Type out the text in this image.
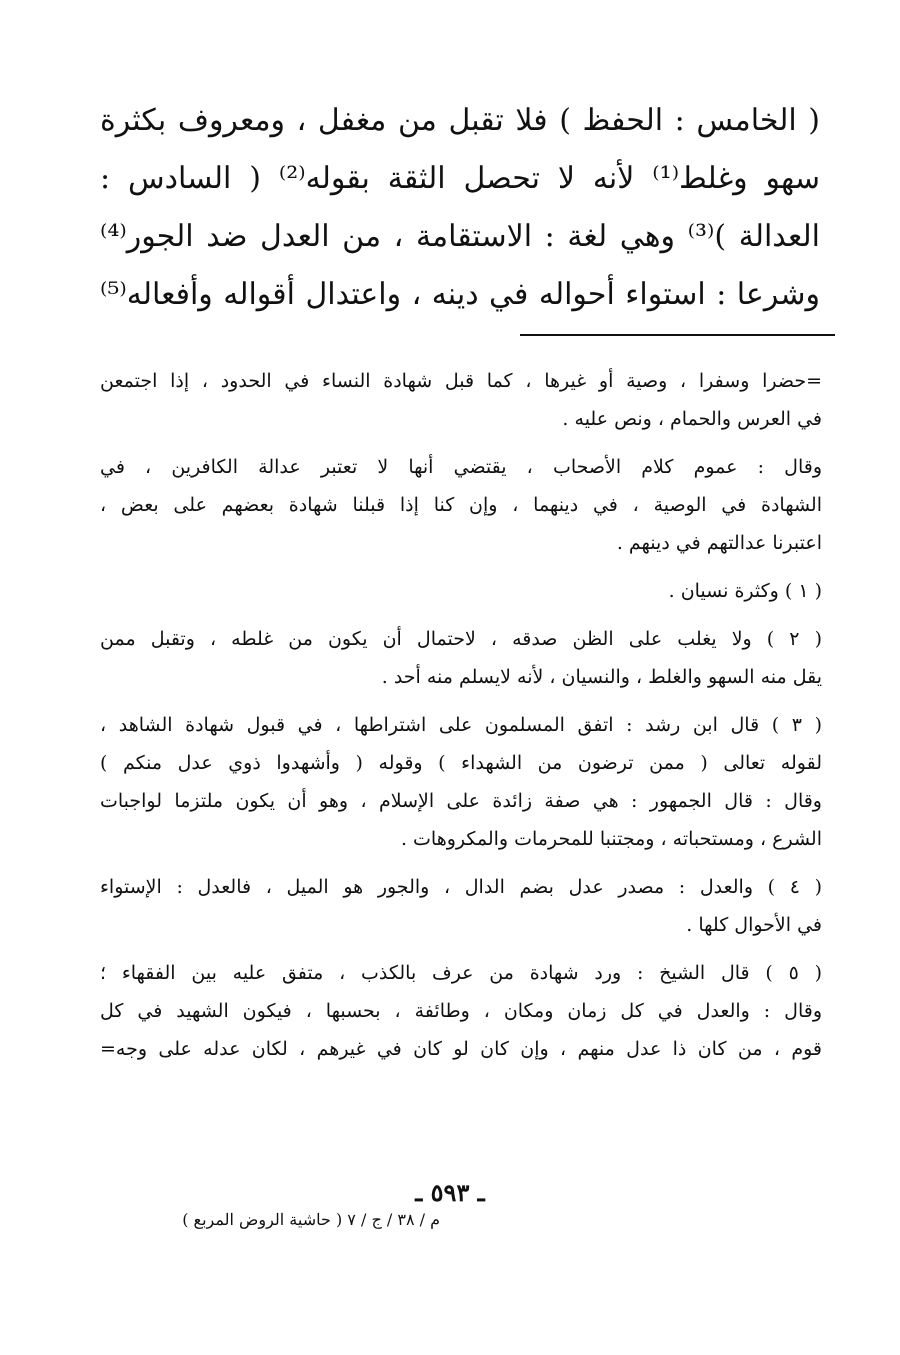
( الخامس : الحفظ ) فلا تقبل من مغفل ، ومعروف بكثرة
سهو وغلط⁽¹⁾ لأنه لا تحصل الثقة بقوله⁽²⁾ ( السادس :
العدالة )⁽³⁾ وهي لغة : الاستقامة ، من العدل ضد الجور⁽⁴⁾
وشرعا : استواء أحواله في دينه ، واعتدال أقواله وأفعاله⁽⁵⁾
=حضرا وسفرا ، وصية أو غيرها ، كما قبل شهادة النساء في الحدود ، إذا اجتمعن
في العرس والحمام ، ونص عليه .
وقال : عموم كلام الأصحاب ، يقتضي أنها لا تعتبر عدالة الكافرين ، في
الشهادة في الوصية ، في دينهما ، وإن كنا إذا قبلنا شهادة بعضهم على بعض ،
اعتبرنا عدالتهم في دينهم .
( ١ ) وكثرة نسيان .
( ٢ ) ولا يغلب على الظن صدقه ، لاحتمال أن يكون من غلطه ، وتقبل ممن
يقل منه السهو والغلط ، والنسيان ، لأنه لايسلم منه أحد .
( ٣ ) قال ابن رشد : اتفق المسلمون على اشتراطها ، في قبول شهادة الشاهد ،
لقوله تعالى ( ممن ترضون من الشهداء ) وقوله ( وأشهدوا ذوي عدل منكم )
وقال : قال الجمهور : هي صفة زائدة على الإسلام ، وهو أن يكون ملتزما لواجبات
الشرع ، ومستحباته ، ومجتنبا للمحرمات والمكروهات .
( ٤ ) والعدل : مصدر عدل بضم الدال ، والجور هو الميل ، فالعدل : الإستواء
في الأحوال كلها .
( ٥ ) قال الشيخ : ورد شهادة من عرف بالكذب ، متفق عليه بين الفقهاء ؛
وقال : والعدل في كل زمان ومكان ، وطائفة ، بحسبها ، فيكون الشهيد في كل
قوم ، من كان ذا عدل منهم ، وإن كان لو كان في غيرهم ، لكان عدله على وجه=
ـ ٥٩٣ ـ
م / ٣٨ / ج / ٧ ( حاشية الروض المربع )
